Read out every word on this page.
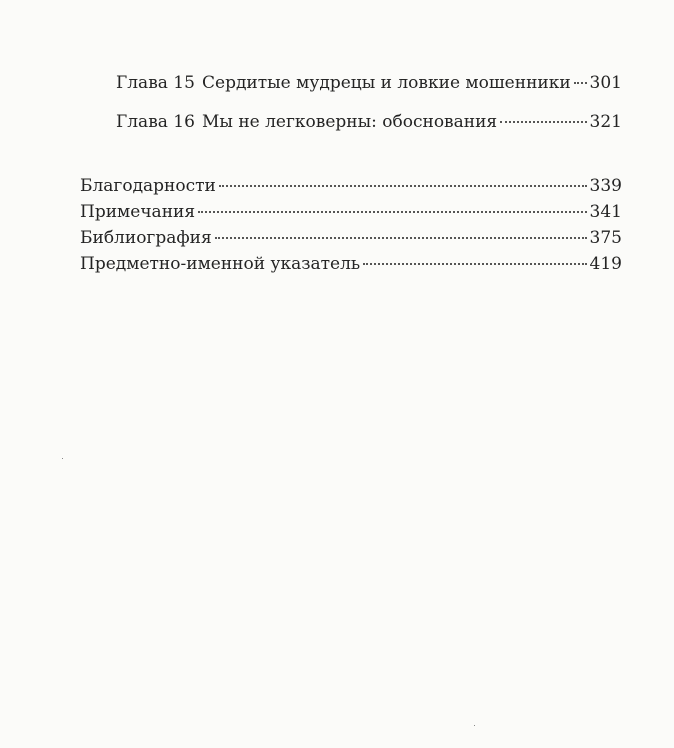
Глава 15 Сердитые мудрецы и ловкие мошенники 301
Глава 16 Мы не легковерны: обоснования	321
Благодарности	339
Примечания	341
Библиография	375
Предметно-именной указатель	419
